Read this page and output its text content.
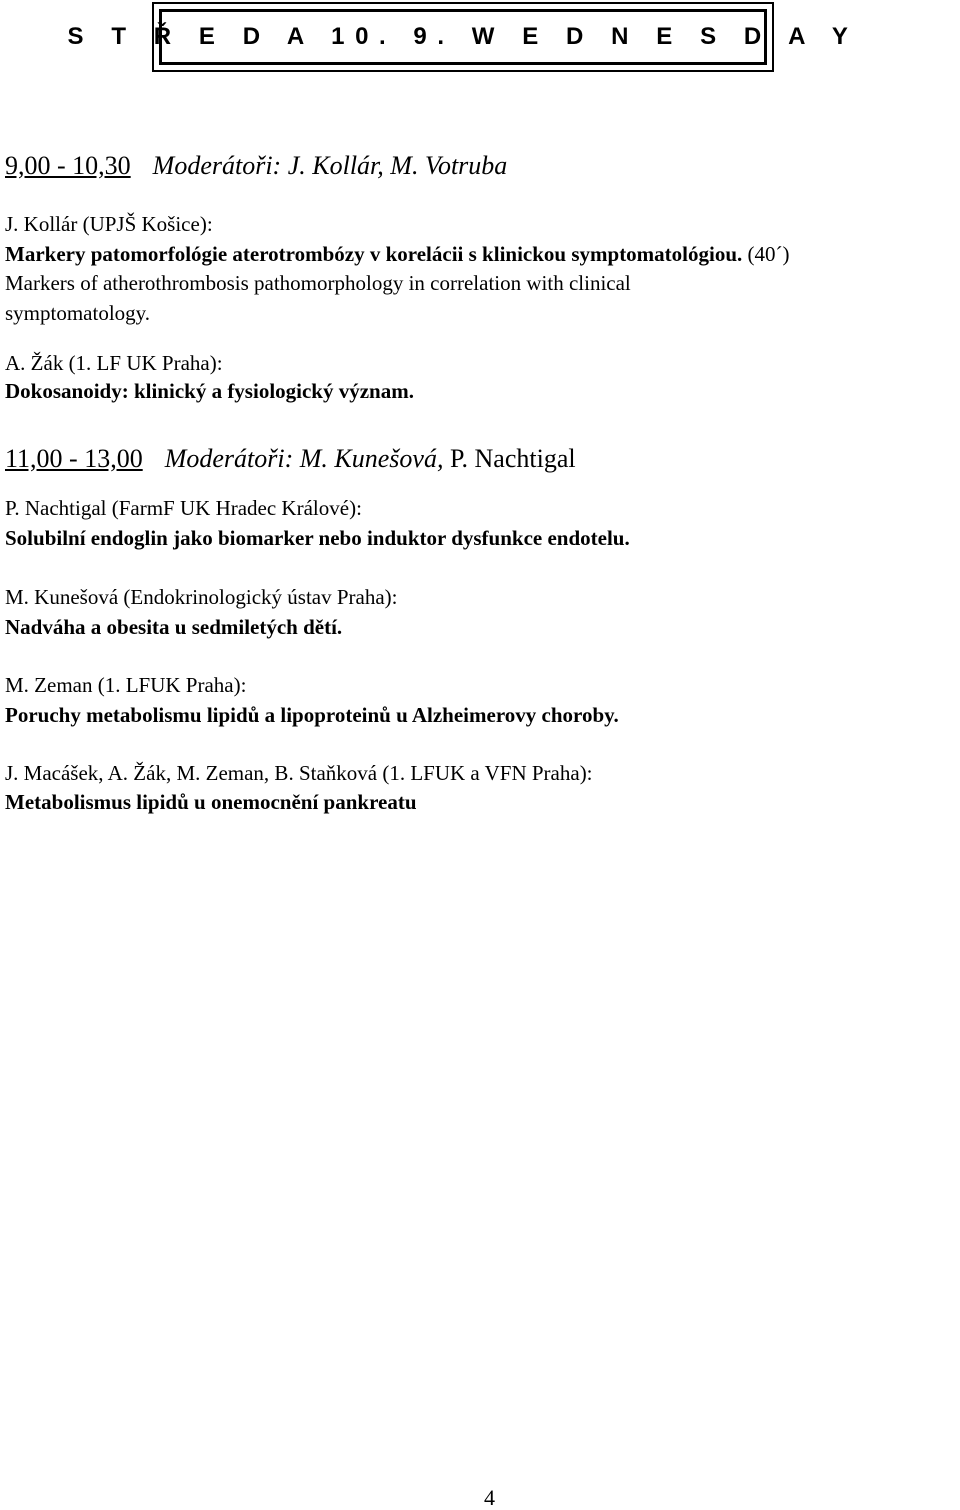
S T Ř E D A 10. 9. W E D N E S D A Y
9,00 - 10,30 Moderátoři: J. Kollár, M. Votruba
J. Kollár (UPJŠ Košice):
Markery patomorfológie aterotrombózy v korelácii s klinickou symptomatológiou. (40´)
Markers of atherothrombosis pathomorphology in correlation with clinical
symptomatology.
A. Žák (1. LF UK Praha):
Dokosanoidy: klinický a fysiologický význam.
11,00 - 13,00 Moderátoři: M. Kunešová, P. Nachtigal
P. Nachtigal (FarmF UK Hradec Králové):
Solubilní endoglin jako biomarker nebo induktor dysfunkce endotelu.
M. Kunešová (Endokrinologický ústav Praha):
Nadváha a obesita u sedmiletých dětí.
M. Zeman (1. LFUK Praha):
Poruchy metabolismu lipidů a lipoproteinů u Alzheimerovy choroby.
J. Macášek, A. Žák, M. Zeman, B. Staňková (1. LFUK a VFN Praha):
Metabolismus lipidů u onemocnění pankreatu
4
